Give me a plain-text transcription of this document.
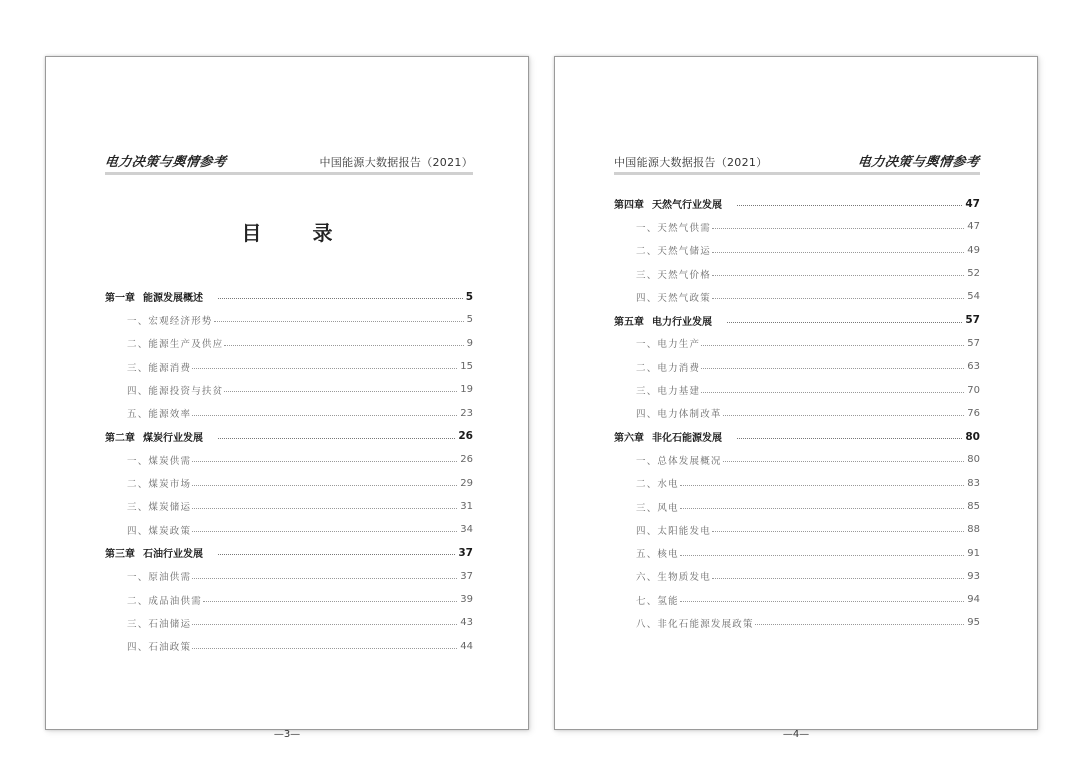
电力决策与舆情参考	中国能源大数据报告（2021）
目 录
第一章 能源发展概述	5
一、宏观经济形势	5
二、能源生产及供应	9
三、能源消费	15
四、能源投资与扶贫	19
五、能源效率	23
第二章 煤炭行业发展	26
一、煤炭供需	26
二、煤炭市场	29
三、煤炭储运	31
四、煤炭政策	34
第三章 石油行业发展	37
一、原油供需	37
二、成品油供需	39
三、石油储运	43
四、石油政策	44
—3—
中国能源大数据报告（2021）	电力决策与舆情参考
第四章 天然气行业发展	47
一、天然气供需	47
二、天然气储运	49
三、天然气价格	52
四、天然气政策	54
第五章 电力行业发展	57
一、电力生产	57
二、电力消费	63
三、电力基建	70
四、电力体制改革	76
第六章 非化石能源发展	80
一、总体发展概况	80
二、水电	83
三、风电	85
四、太阳能发电	88
五、核电	91
六、生物质发电	93
七、氢能	94
八、非化石能源发展政策	95
—4—
